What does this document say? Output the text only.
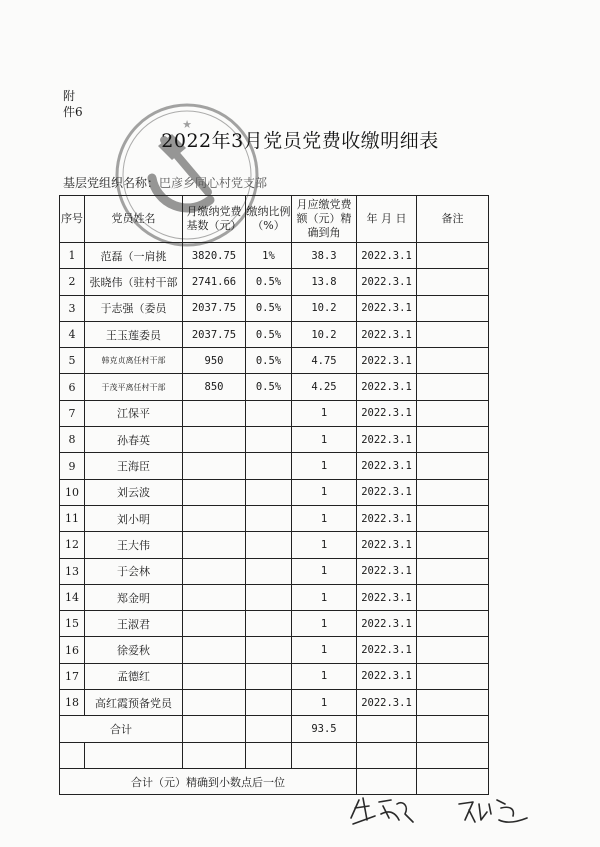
附
件6
★
2022年3月党员党费收缴明细表
基层党组织名称：巴彦乡同心村党支部
序号	党员姓名	月缴纳党费基数（元）	缴纳比例（%）	月应缴党费额（元）精确到角	年 月 日	备注
1	范磊（一肩挑	3820.75	1%	38.3	2022.3.1	
2	张晓伟（驻村干部	2741.66	0.5%	13.8	2022.3.1	
3	于志强（委员	2037.75	0.5%	10.2	2022.3.1	
4	王玉莲委员	2037.75	0.5%	10.2	2022.3.1	
5	韩克贞离任村干部	950	0.5%	4.75	2022.3.1	
6	于茂平离任村干部	850	0.5%	4.25	2022.3.1	
7	江保平			1	2022.3.1	
8	孙春英			1	2022.3.1	
9	王海臣			1	2022.3.1	
10	刘云波			1	2022.3.1	
11	刘小明			1	2022.3.1	
12	王大伟			1	2022.3.1	
13	于会林			1	2022.3.1	
14	郑金明			1	2022.3.1	
15	王淑君			1	2022.3.1	
16	徐爱秋			1	2022.3.1	
17	孟德红			1	2022.3.1	
18	高红霞预备党员			1	2022.3.1	
合计				93.5		

合计（元）精确到小数点后一位						
